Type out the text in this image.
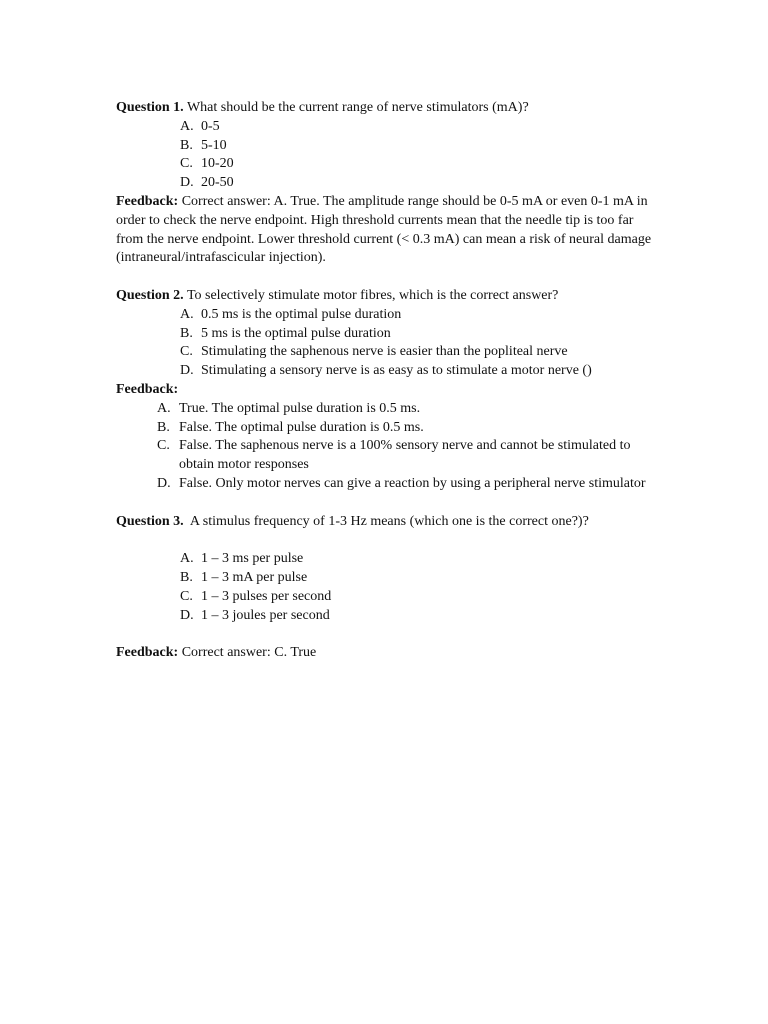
Question 1. What should be the current range of nerve stimulators (mA)?

A. 0-5
B. 5-10
C. 10-20
D. 20-50

Feedback: Correct answer: A. True. The amplitude range should be 0-5 mA or even 0-1 mA in order to check the nerve endpoint. High threshold currents mean that the needle tip is too far from the nerve endpoint. Lower threshold current (< 0.3 mA) can mean a risk of neural damage (intraneural/intrafascicular injection).

Question 2. To selectively stimulate motor fibres, which is the correct answer?

A. 0.5 ms is the optimal pulse duration
B. 5 ms is the optimal pulse duration
C. Stimulating the saphenous nerve is easier than the popliteal nerve
D. Stimulating a sensory nerve is as easy as to stimulate a motor nerve ()

Feedback:

A. True. The optimal pulse duration is 0.5 ms.
B. False. The optimal pulse duration is 0.5 ms.
C. False. The saphenous nerve is a 100% sensory nerve and cannot be stimulated to obtain motor responses
D. False. Only motor nerves can give a reaction by using a peripheral nerve stimulator

Question 3. A stimulus frequency of 1-3 Hz means (which one is the correct one?)?

A. 1 – 3 ms per pulse
B. 1 – 3 mA per pulse
C. 1 – 3 pulses per second
D. 1 – 3 joules per second

Feedback: Correct answer: C. True
